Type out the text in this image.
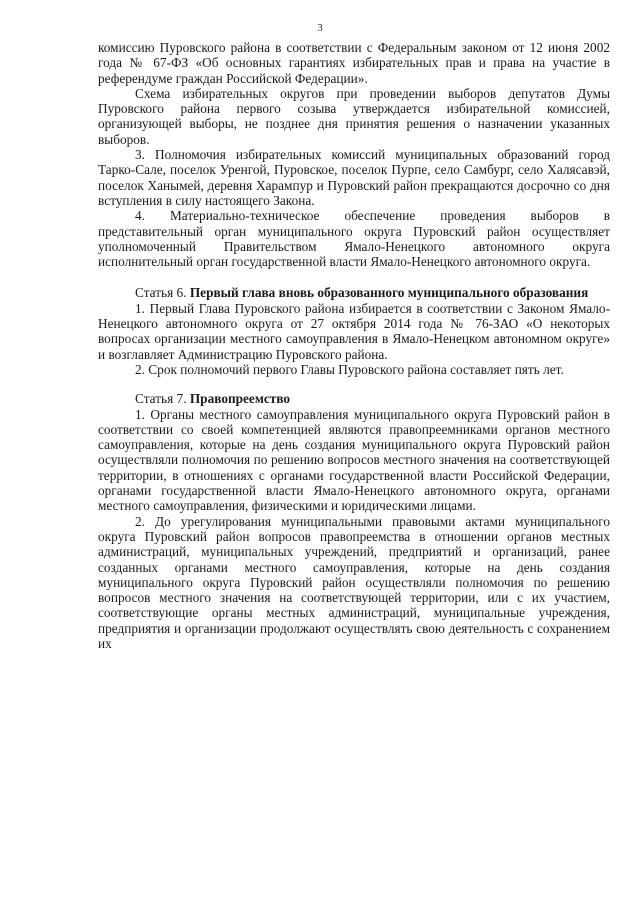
3

комиссию Пуровского района в соответствии с Федеральным законом от 12 июня 2002 года № 67-ФЗ «Об основных гарантиях избирательных прав и права на участие в референдуме граждан Российской Федерации».

Схема избирательных округов при проведении выборов депутатов Думы Пуровского района первого созыва утверждается избирательной комиссией, организующей выборы, не позднее дня принятия решения о назначении указанных выборов.

3. Полномочия избирательных комиссий муниципальных образований город Тарко-Сале, поселок Уренгой, Пуровское, поселок Пурпе, село Самбург, село Халясавэй, поселок Ханымей, деревня Харампур и Пуровский район прекращаются досрочно со дня вступления в силу настоящего Закона.

4. Материально-техническое обеспечение проведения выборов в представительный орган муниципального округа Пуровский район осуществляет уполномоченный Правительством Ямало-Ненецкого автономного округа исполнительный орган государственной власти Ямало-Ненецкого автономного округа.

Статья 6. Первый глава вновь образованного муниципального образования

1. Первый Глава Пуровского района избирается в соответствии с Законом Ямало-Ненецкого автономного округа от 27 октября 2014 года № 76-ЗАО «О некоторых вопросах организации местного самоуправления в Ямало-Ненецком автономном округе» и возглавляет Администрацию Пуровского района.

2. Срок полномочий первого Главы Пуровского района составляет пять лет.

Статья 7. Правопреемство

1. Органы местного самоуправления муниципального округа Пуровский район в соответствии со своей компетенцией являются правопреемниками органов местного самоуправления, которые на день создания муниципального округа Пуровский район осуществляли полномочия по решению вопросов местного значения на соответствующей территории, в отношениях с органами государственной власти Российской Федерации, органами государственной власти Ямало-Ненецкого автономного округа, органами местного самоуправления, физическими и юридическими лицами.

2. До урегулирования муниципальными правовыми актами муниципального округа Пуровский район вопросов правопреемства в отношении органов местных администраций, муниципальных учреждений, предприятий и организаций, ранее созданных органами местного самоуправления, которые на день создания муниципального округа Пуровский район осуществляли полномочия по решению вопросов местного значения на соответствующей территории, или с их участием, соответствующие органы местных администраций, муниципальные учреждения, предприятия и организации продолжают осуществлять свою деятельность с сохранением их
